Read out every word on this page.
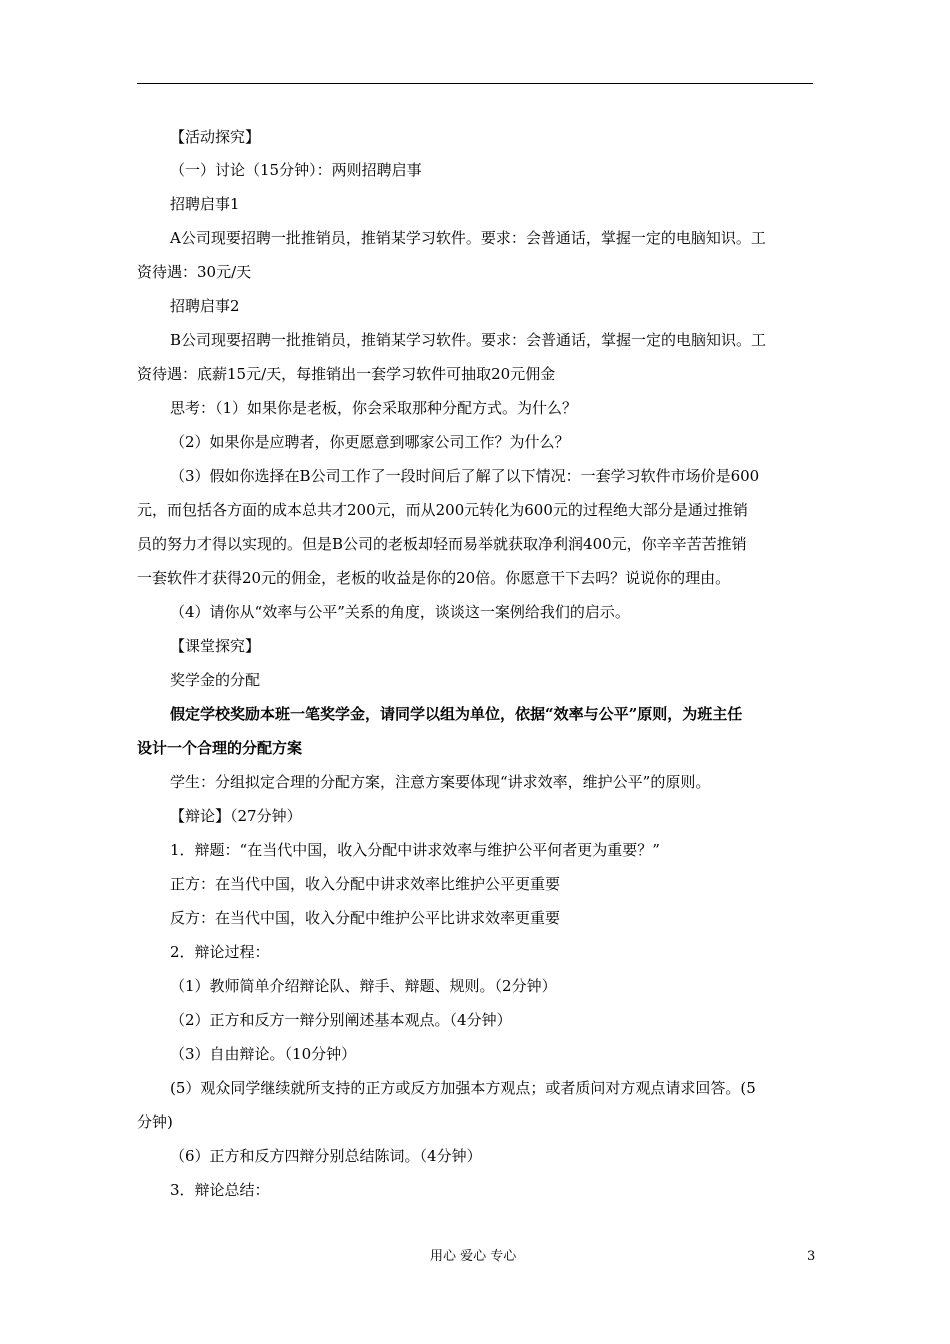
【活动探究】
（一）讨论（15分钟）：两则招聘启事
招聘启事1
A公司现要招聘一批推销员，推销某学习软件。要求：会普通话，掌握一定的电脑知识。工
资待遇：30元/天
招聘启事2
B公司现要招聘一批推销员，推销某学习软件。要求：会普通话，掌握一定的电脑知识。工
资待遇：底薪15元/天，每推销出一套学习软件可抽取20元佣金
思考：（1）如果你是老板，你会采取那种分配方式。为什么？
（2）如果你是应聘者，你更愿意到哪家公司工作？为什么？
（3）假如你选择在B公司工作了一段时间后了解了以下情况：一套学习软件市场价是600
元，而包括各方面的成本总共才200元，而从200元转化为600元的过程绝大部分是通过推销
员的努力才得以实现的。但是B公司的老板却轻而易举就获取净利润400元，你辛辛苦苦推销
一套软件才获得20元的佣金，老板的收益是你的20倍。你愿意干下去吗？说说你的理由。
（4）请你从“效率与公平”关系的角度，谈谈这一案例给我们的启示。
【课堂探究】
奖学金的分配
假定学校奖励本班一笔奖学金，请同学以组为单位，依据“效率与公平”原则，为班主任
设计一个合理的分配方案
学生：分组拟定合理的分配方案，注意方案要体现“讲求效率，维护公平”的原则。
【辩论】（27分钟）
1．辩题：“在当代中国，收入分配中讲求效率与维护公平何者更为重要？”
正方：在当代中国，收入分配中讲求效率比维护公平更重要
反方：在当代中国，收入分配中维护公平比讲求效率更重要
2．辩论过程：
（1）教师简单介绍辩论队、辩手、辩题、规则。（2分钟）
（2）正方和反方一辩分别阐述基本观点。（4分钟）
（3）自由辩论。（10分钟）
(5）观众同学继续就所支持的正方或反方加强本方观点；或者质问对方观点请求回答。(5
分钟)
（6）正方和反方四辩分别总结陈词。（4分钟）
3．辩论总结：
用心 爱心 专心	3
